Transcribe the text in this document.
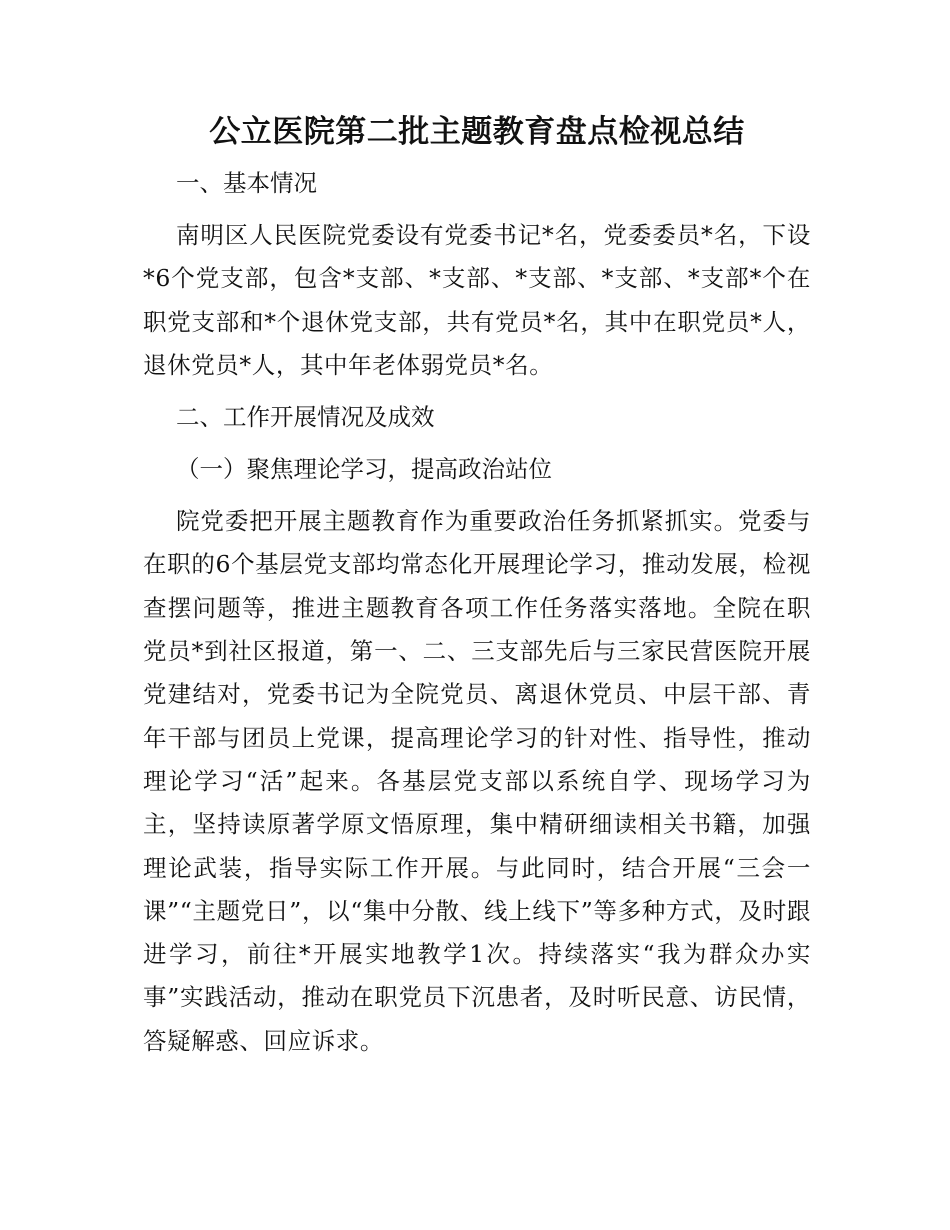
公立医院第二批主题教育盘点检视总结

一、基本情况

南明区人民医院党委设有党委书记*名，党委委员*名，下设*6个党支部，包含*支部、*支部、*支部、*支部、*支部*个在职党支部和*个退休党支部，共有党员*名，其中在职党员*人，退休党员*人，其中年老体弱党员*名。

二、工作开展情况及成效

（一）聚焦理论学习，提高政治站位

院党委把开展主题教育作为重要政治任务抓紧抓实。党委与在职的6个基层党支部均常态化开展理论学习，推动发展，检视查摆问题等，推进主题教育各项工作任务落实落地。全院在职党员*到社区报道，第一、二、三支部先后与三家民营医院开展党建结对，党委书记为全院党员、离退休党员、中层干部、青年干部与团员上党课，提高理论学习的针对性、指导性，推动理论学习“活”起来。各基层党支部以系统自学、现场学习为主，坚持读原著学原文悟原理，集中精研细读相关书籍，加强理论武装，指导实际工作开展。与此同时，结合开展“三会一课”“主题党日”，以“集中分散、线上线下”等多种方式，及时跟进学习，前往*开展实地教学1次。持续落实“我为群众办实事”实践活动，推动在职党员下沉患者，及时听民意、访民情，答疑解惑、回应诉求。
